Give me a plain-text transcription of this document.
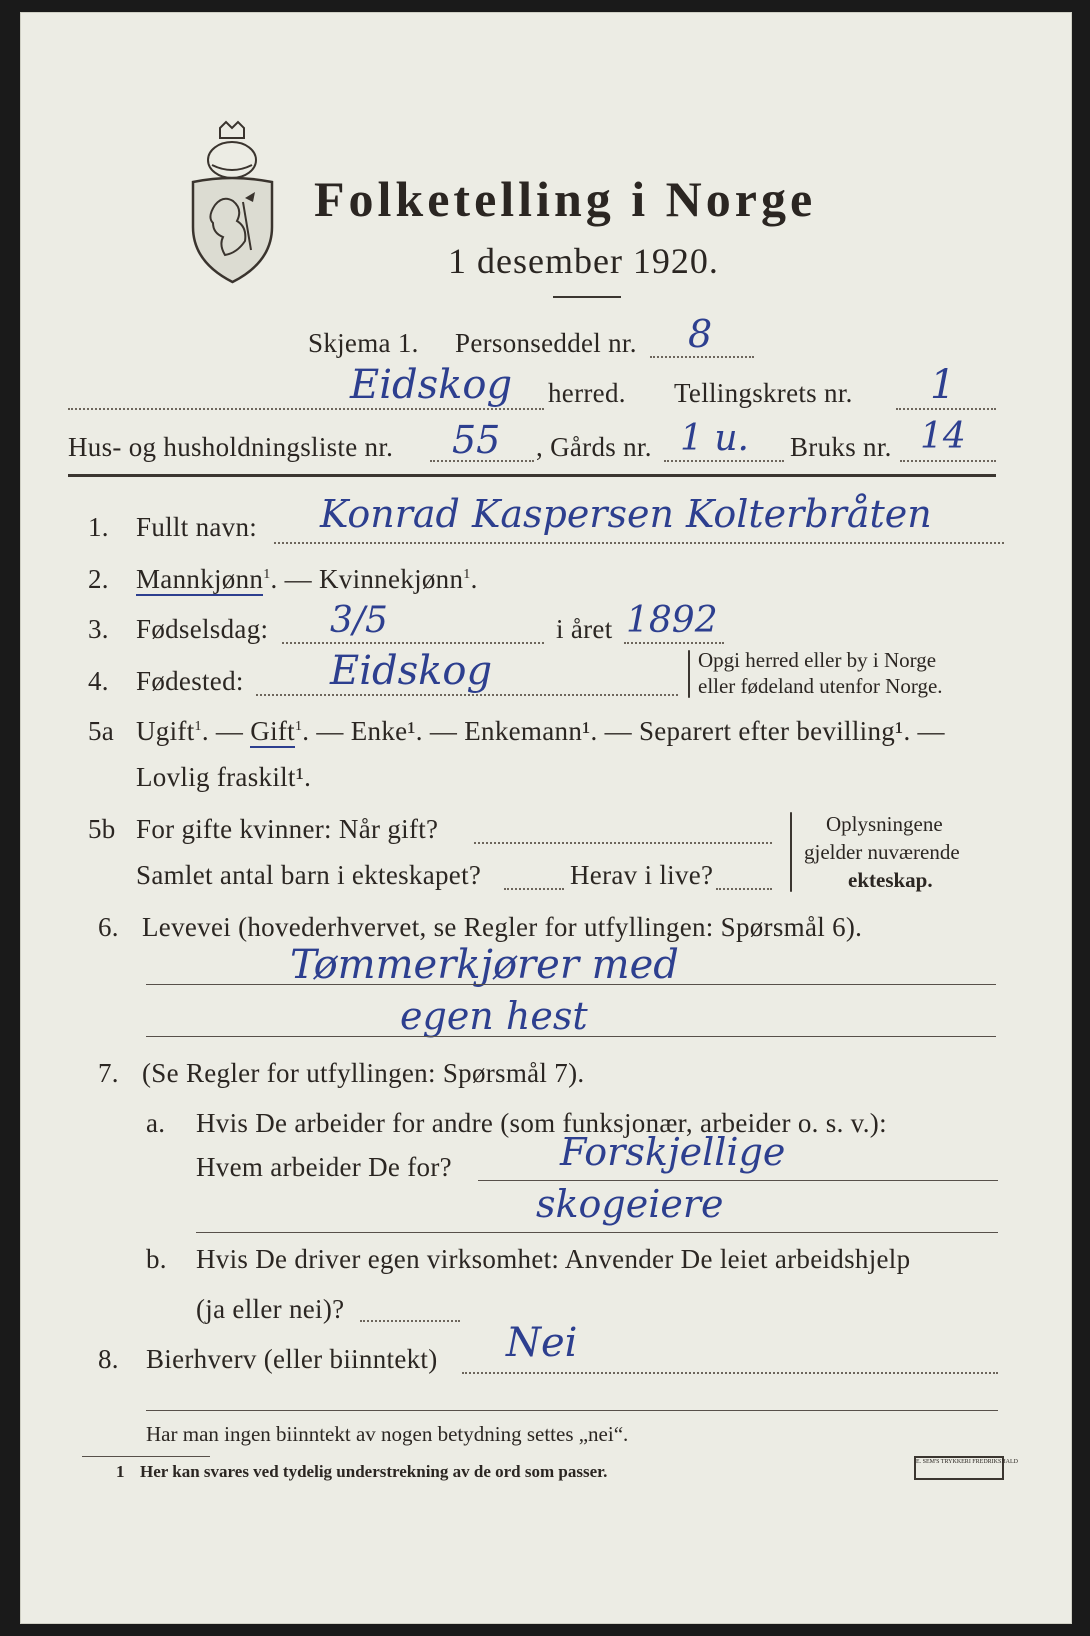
Folketelling i Norge
1 desember 1920.
Skjema 1. Personseddel nr. 8
Eidskog herred. Tellingskrets nr. 1
Hus- og husholdningsliste nr. 55 , Gårds nr. 1 u. Bruks nr. 14
1. Fullt navn: Konrad Kaspersen Kolterbråten
2. Mannkjønn$^1$. — Kvinnekjønn$^1$.
3. Fødselsdag: 3/5	i året 1892
4. Fødested: Eidskog	Opgi herred eller by i Norge
eller fødeland utenfor Norge.
5a Ugift$^1$. — Gift$^1$. — Enke¹. — Enkemann¹. — Separert efter bevilling¹. —
Lovlig fraskilt¹.
5b For gifte kvinner: Når gift?
Samlet antal barn i ekteskapet?	Herav i live?
Oplysningene
gjelder nuværende
ekteskap.
6. Levevei (hovederhvervet, se Regler for utfyllingen: Spørsmål 6).
Tømmerkjører med
egen hest
7. (Se Regler for utfyllingen: Spørsmål 7).
a. Hvis De arbeider for andre (som funksjonær, arbeider o. s. v.):
Hvem arbeider De for?	Forskjellige
skogeiere
b. Hvis De driver egen virksomhet: Anvender De leiet arbeidshjelp
(ja eller nei)?
8. Bierhverv (eller biinntekt) Nei
Har man ingen biinntekt av nogen betydning settes „nei“.
1 Her kan svares ved tydelig understrekning av de ord som passer.	E. SEM'S TRYKKERI FREDRIKSHALD
